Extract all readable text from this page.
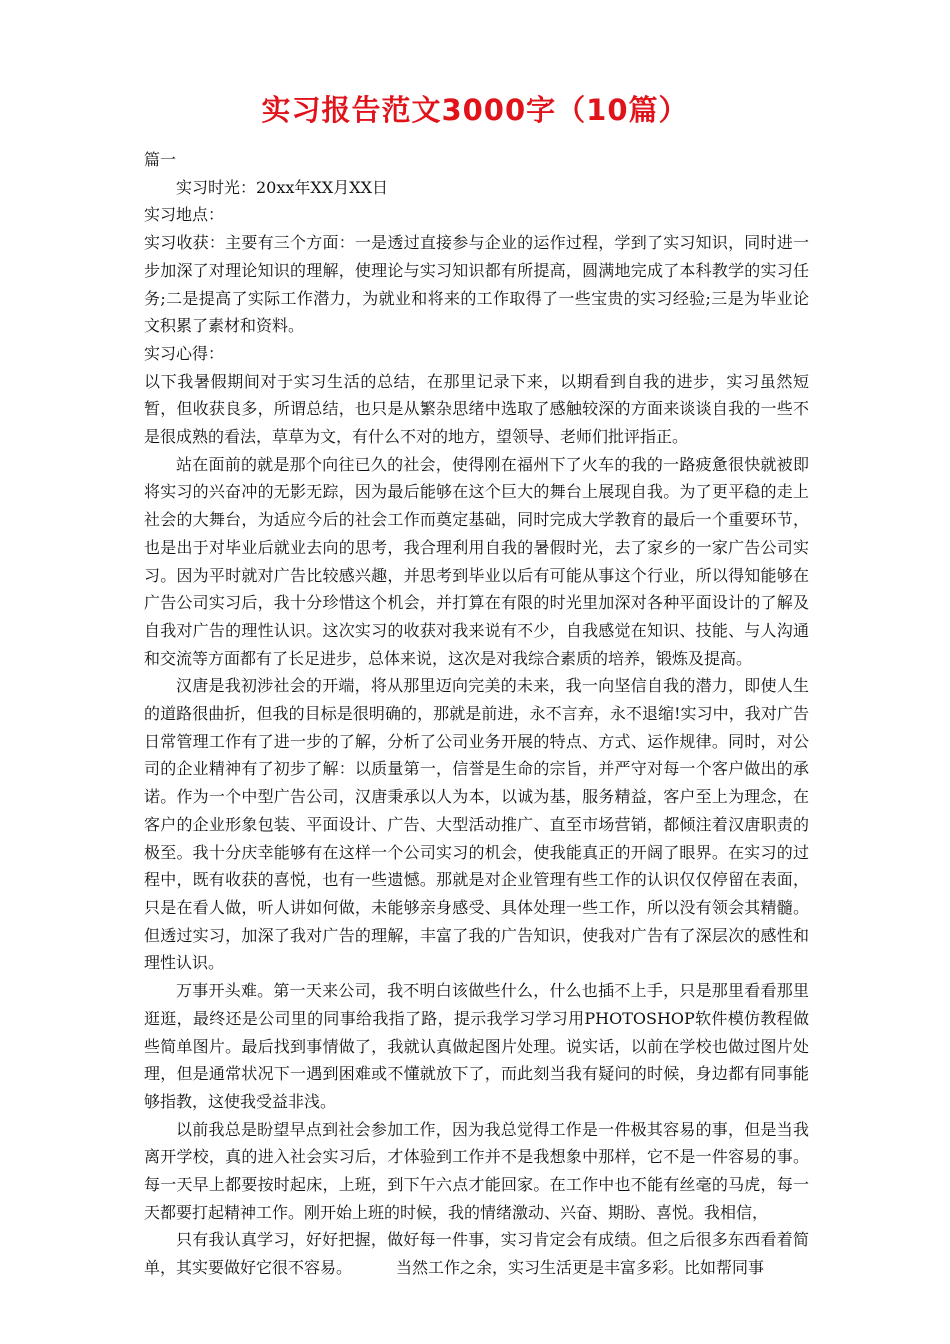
实习报告范文3000字（10篇）

篇一

实习时光：20xx年XX月XX日

实习地点：

实习收获：主要有三个方面：一是透过直接参与企业的运作过程，学到了实习知识，同时进一步加深了对理论知识的理解，使理论与实习知识都有所提高，圆满地完成了本科教学的实习任务;二是提高了实际工作潜力，为就业和将来的工作取得了一些宝贵的实习经验;三是为毕业论文积累了素材和资料。

实习心得：

以下我暑假期间对于实习生活的总结，在那里记录下来，以期看到自我的进步，实习虽然短暂，但收获良多，所谓总结，也只是从繁杂思绪中选取了感触较深的方面来谈谈自我的一些不是很成熟的看法，草草为文，有什么不对的地方，望领导、老师们批评指正。

站在面前的就是那个向往已久的社会，使得刚在福州下了火车的我的一路疲惫很快就被即将实习的兴奋冲的无影无踪，因为最后能够在这个巨大的舞台上展现自我。为了更平稳的走上社会的大舞台，为适应今后的社会工作而奠定基础，同时完成大学教育的最后一个重要环节，也是出于对毕业后就业去向的思考，我合理利用自我的暑假时光，去了家乡的一家广告公司实习。因为平时就对广告比较感兴趣，并思考到毕业以后有可能从事这个行业，所以得知能够在广告公司实习后，我十分珍惜这个机会，并打算在有限的时光里加深对各种平面设计的了解及自我对广告的理性认识。这次实习的收获对我来说有不少，自我感觉在知识、技能、与人沟通和交流等方面都有了长足进步，总体来说，这次是对我综合素质的培养，锻炼及提高。

汉唐是我初涉社会的开端，将从那里迈向完美的未来，我一向坚信自我的潜力，即使人生的道路很曲折，但我的目标是很明确的，那就是前进，永不言弃，永不退缩!实习中，我对广告日常管理工作有了进一步的了解，分析了公司业务开展的特点、方式、运作规律。同时，对公司的企业精神有了初步了解：以质量第一，信誉是生命的宗旨，并严守对每一个客户做出的承诺。作为一个中型广告公司，汉唐秉承以人为本，以诚为基，服务精益，客户至上为理念，在客户的企业形象包装、平面设计、广告、大型活动推广、直至市场营销，都倾注着汉唐职责的极至。我十分庆幸能够有在这样一个公司实习的机会，使我能真正的开阔了眼界。在实习的过程中，既有收获的喜悦，也有一些遗憾。那就是对企业管理有些工作的认识仅仅停留在表面，只是在看人做，听人讲如何做，未能够亲身感受、具体处理一些工作，所以没有领会其精髓。但透过实习，加深了我对广告的理解，丰富了我的广告知识，使我对广告有了深层次的感性和理性认识。

万事开头难。第一天来公司，我不明白该做些什么，什么也插不上手，只是那里看看那里逛逛，最终还是公司里的同事给我指了路，提示我学习学习用PHOTOSHOP软件模仿教程做些简单图片。最后找到事情做了，我就认真做起图片处理。说实话，以前在学校也做过图片处理，但是通常状况下一遇到困难或不懂就放下了，而此刻当我有疑问的时候，身边都有同事能够指教，这使我受益非浅。

以前我总是盼望早点到社会参加工作，因为我总觉得工作是一件极其容易的事，但是当我离开学校，真的进入社会实习后，才体验到工作并不是我想象中那样，它不是一件容易的事。每一天早上都要按时起床，上班，到下午六点才能回家。在工作中也不能有丝毫的马虎，每一天都要打起精神工作。刚开始上班的时候，我的情绪激动、兴奋、期盼、喜悦。我相信，

只有我认真学习，好好把握，做好每一件事，实习肯定会有成绩。但之后很多东西看着简单，其实要做好它很不容易。	当然工作之余，实习生活更是丰富多彩。比如帮同事
